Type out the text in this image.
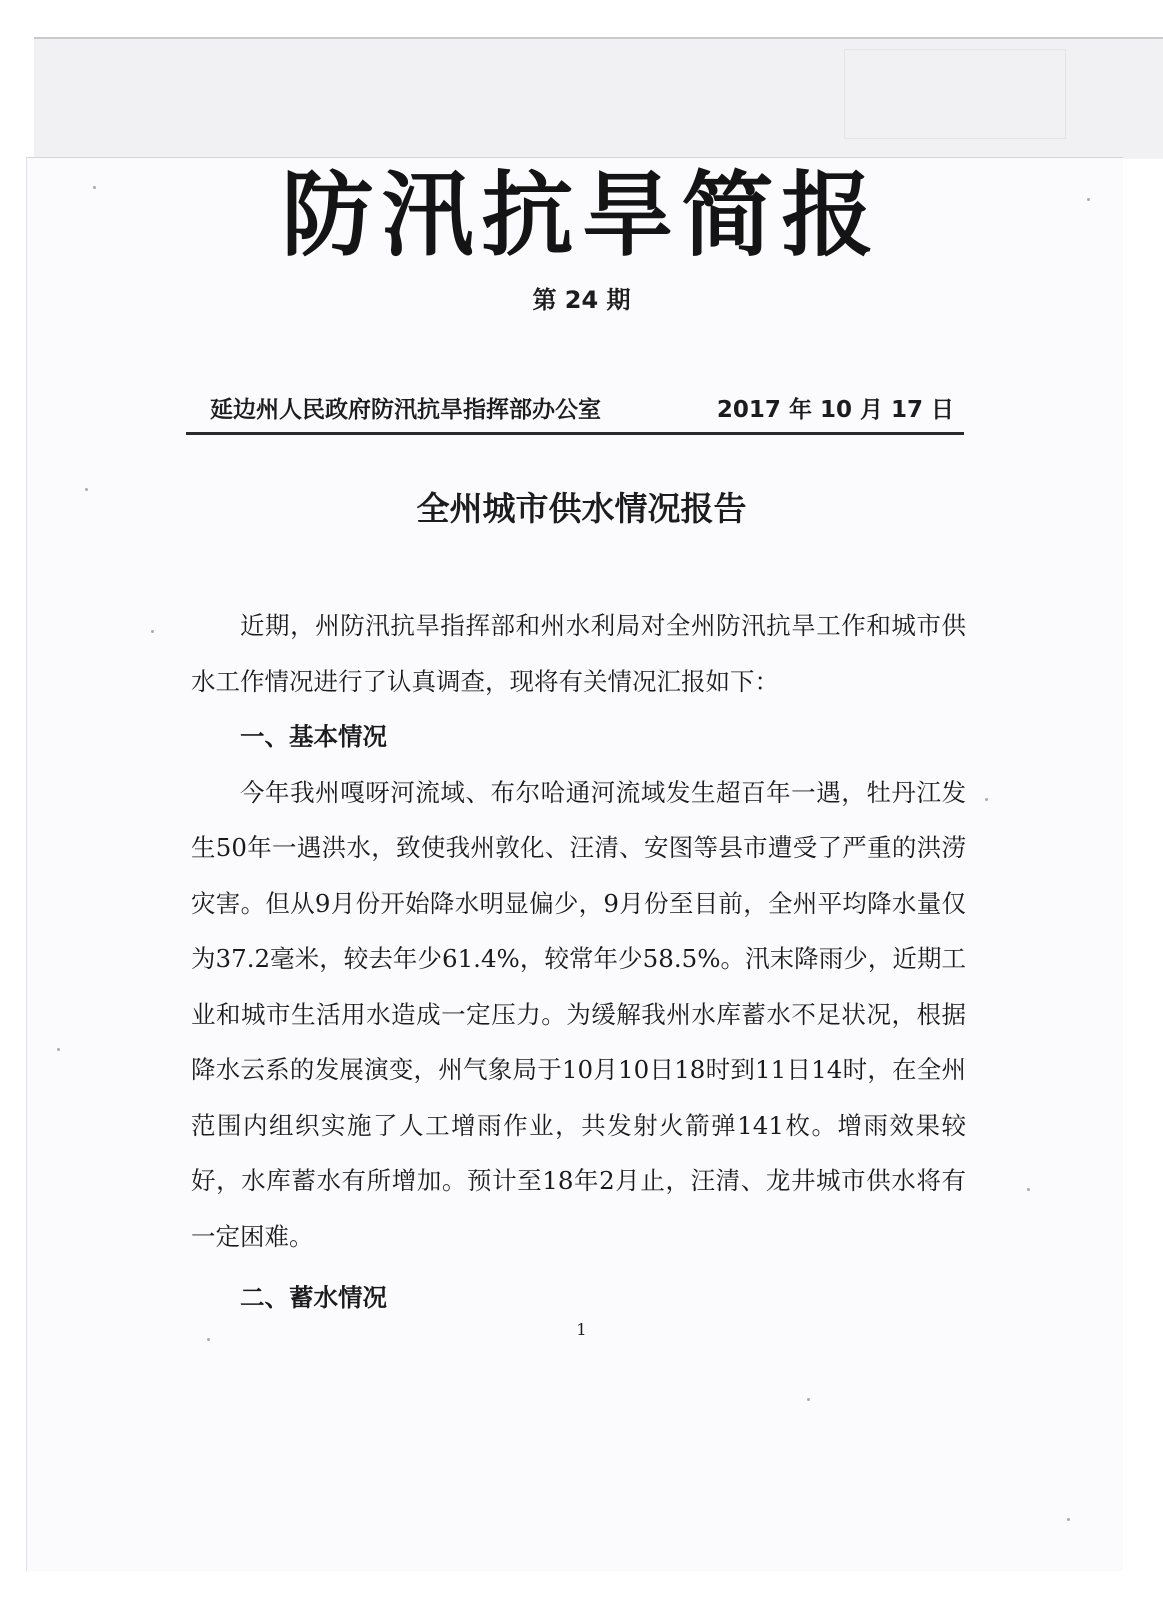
防汛抗旱简报
第 24 期
延边州人民政府防汛抗旱指挥部办公室	2017 年 10 月 17 日
全州城市供水情况报告

近期，州防汛抗旱指挥部和州水利局对全州防汛抗旱工作和城市供水工作情况进行了认真调查，现将有关情况汇报如下：

一、基本情况

今年我州嘎呀河流域、布尔哈通河流域发生超百年一遇，牡丹江发生50年一遇洪水，致使我州敦化、汪清、安图等县市遭受了严重的洪涝灾害。但从9月份开始降水明显偏少，9月份至目前，全州平均降水量仅为37.2毫米，较去年少61.4%，较常年少58.5%。汛末降雨少，近期工业和城市生活用水造成一定压力。为缓解我州水库蓄水不足状况，根据降水云系的发展演变，州气象局于10月10日18时到11日14时，在全州范围内组织实施了人工增雨作业，共发射火箭弹141枚。增雨效果较好，水库蓄水有所增加。预计至18年2月止，汪清、龙井城市供水将有一定困难。

二、蓄水情况

1
